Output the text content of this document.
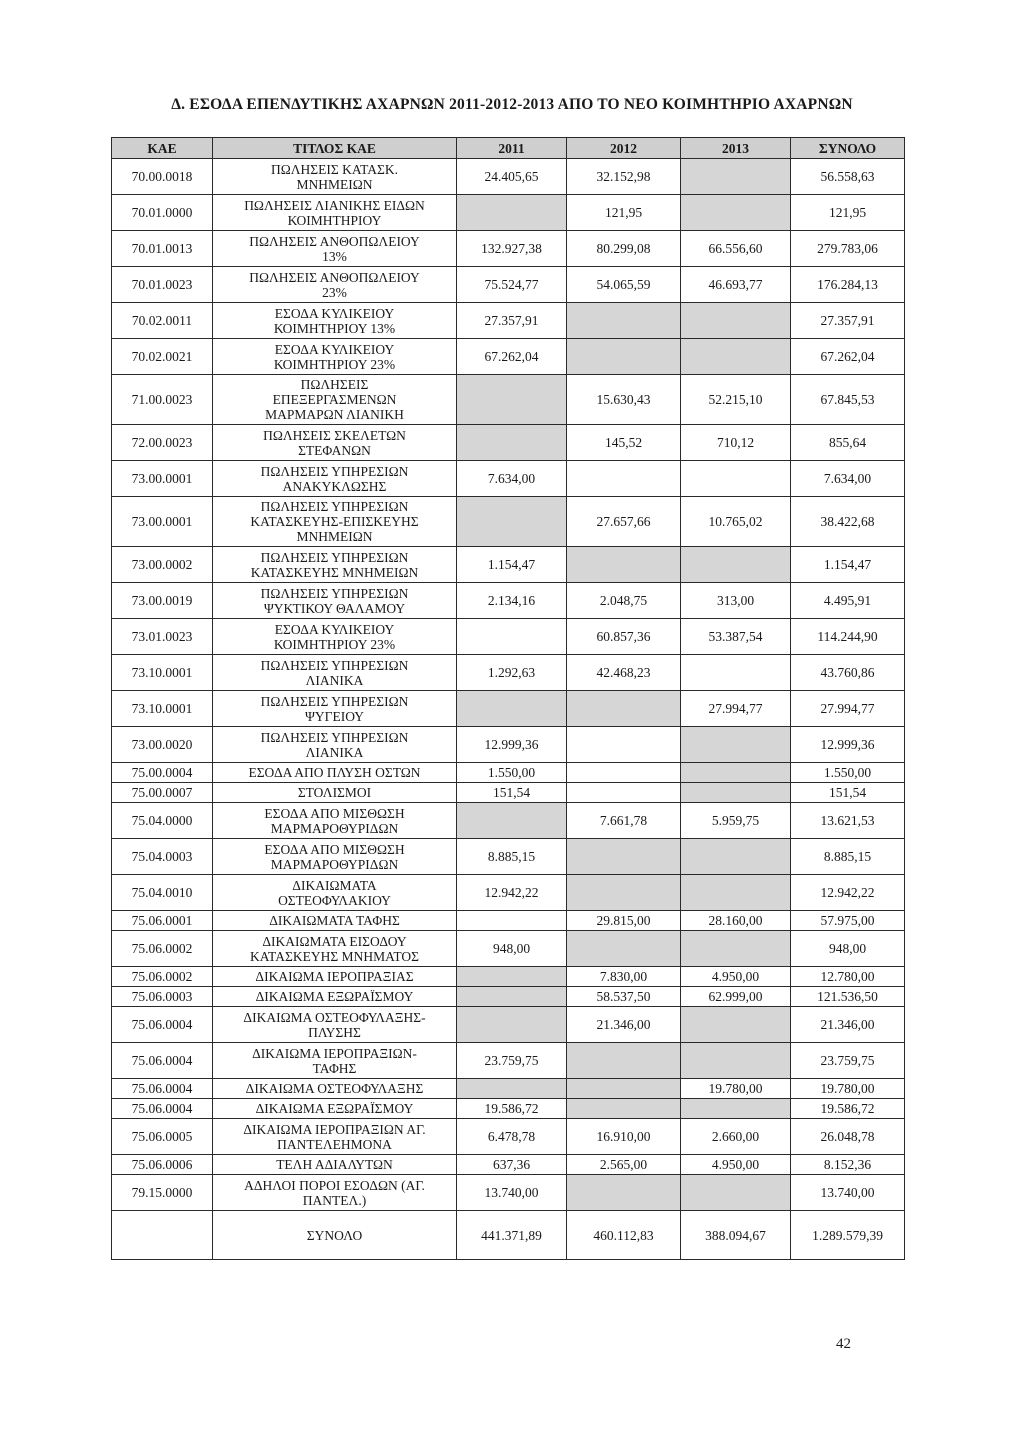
Δ. ΕΣΟΔΑ ΕΠΕΝΔΥΤΙΚΗΣ ΑΧΑΡΝΩΝ 2011-2012-2013 ΑΠΟ ΤΟ ΝΕΟ ΚΟΙΜΗΤΗΡΙΟ ΑΧΑΡΝΩΝ
ΚΑΕ	ΤΙΤΛΟΣ ΚΑΕ	2011	2012	2013	ΣΥΝΟΛΟ
70.00.0018	ΠΩΛΗΣΕΙΣ ΚΑΤΑΣΚ.
ΜΝΗΜΕΙΩΝ	24.405,65	32.152,98		56.558,63
70.01.0000	ΠΩΛΗΣΕΙΣ ΛΙΑΝΙΚΗΣ ΕΙΔΩΝ
ΚΟΙΜΗΤΗΡΙΟΥ		121,95		121,95
70.01.0013	ΠΩΛΗΣΕΙΣ ΑΝΘΟΠΩΛΕΙΟΥ
13%	132.927,38	80.299,08	66.556,60	279.783,06
70.01.0023	ΠΩΛΗΣΕΙΣ ΑΝΘΟΠΩΛΕΙΟΥ
23%	75.524,77	54.065,59	46.693,77	176.284,13
70.02.0011	ΕΣΟΔΑ ΚΥΛΙΚΕΙΟΥ
ΚΟΙΜΗΤΗΡΙΟΥ 13%	27.357,91			27.357,91
70.02.0021	ΕΣΟΔΑ ΚΥΛΙΚΕΙΟΥ
ΚΟΙΜΗΤΗΡΙΟΥ 23%	67.262,04			67.262,04
71.00.0023	ΠΩΛΗΣΕΙΣ
ΕΠΕΞΕΡΓΑΣΜΕΝΩΝ
ΜΑΡΜΑΡΩΝ ΛΙΑΝΙΚΗ		15.630,43	52.215,10	67.845,53
72.00.0023	ΠΩΛΗΣΕΙΣ ΣΚΕΛΕΤΩΝ
ΣΤΕΦΑΝΩΝ		145,52	710,12	855,64
73.00.0001	ΠΩΛΗΣΕΙΣ ΥΠΗΡΕΣΙΩΝ
ΑΝΑΚΥΚΛΩΣΗΣ	7.634,00			7.634,00
73.00.0001	ΠΩΛΗΣΕΙΣ ΥΠΗΡΕΣΙΩΝ
ΚΑΤΑΣΚΕΥΗΣ-ΕΠΙΣΚΕΥΗΣ
ΜΝΗΜΕΙΩΝ		27.657,66	10.765,02	38.422,68
73.00.0002	ΠΩΛΗΣΕΙΣ ΥΠΗΡΕΣΙΩΝ
ΚΑΤΑΣΚΕΥΗΣ ΜΝΗΜΕΙΩΝ	1.154,47			1.154,47
73.00.0019	ΠΩΛΗΣΕΙΣ ΥΠΗΡΕΣΙΩΝ
ΨΥΚΤΙΚΟΥ ΘΑΛΑΜΟΥ	2.134,16	2.048,75	313,00	4.495,91
73.01.0023	ΕΣΟΔΑ ΚΥΛΙΚΕΙΟΥ
ΚΟΙΜΗΤΗΡΙΟΥ 23%		60.857,36	53.387,54	114.244,90
73.10.0001	ΠΩΛΗΣΕΙΣ ΥΠΗΡΕΣΙΩΝ
ΛΙΑΝΙΚΑ	1.292,63	42.468,23		43.760,86
73.10.0001	ΠΩΛΗΣΕΙΣ ΥΠΗΡΕΣΙΩΝ
ΨΥΓΕΙΟΥ			27.994,77	27.994,77
73.00.0020	ΠΩΛΗΣΕΙΣ ΥΠΗΡΕΣΙΩΝ
ΛΙΑΝΙΚΑ	12.999,36			12.999,36
75.00.0004	ΕΣΟΔΑ ΑΠΟ ΠΛΥΣΗ ΟΣΤΩΝ	1.550,00			1.550,00
75.00.0007	ΣΤΟΛΙΣΜΟΙ	151,54			151,54
75.04.0000	ΕΣΟΔΑ ΑΠΟ ΜΙΣΘΩΣΗ
ΜΑΡΜΑΡΟΘΥΡΙΔΩΝ		7.661,78	5.959,75	13.621,53
75.04.0003	ΕΣΟΔΑ ΑΠΟ ΜΙΣΘΩΣΗ
ΜΑΡΜΑΡΟΘΥΡΙΔΩΝ	8.885,15			8.885,15
75.04.0010	ΔΙΚΑΙΩΜΑΤΑ
ΟΣΤΕΟΦΥΛΑΚΙΟΥ	12.942,22			12.942,22
75.06.0001	ΔΙΚΑΙΩΜΑΤΑ ΤΑΦΗΣ		29.815,00	28.160,00	57.975,00
75.06.0002	ΔΙΚΑΙΩΜΑΤΑ ΕΙΣΟΔΟΥ
ΚΑΤΑΣΚΕΥΗΣ ΜΝΗΜΑΤΟΣ	948,00			948,00
75.06.0002	ΔΙΚΑΙΩΜΑ ΙΕΡΟΠΡΑΞΙΑΣ		7.830,00	4.950,00	12.780,00
75.06.0003	ΔΙΚΑΙΩΜΑ ΕΞΩΡΑΪΣΜΟΥ		58.537,50	62.999,00	121.536,50
75.06.0004	ΔΙΚΑΙΩΜΑ ΟΣΤΕΟΦΥΛΑΞΗΣ-
ΠΛΥΣΗΣ		21.346,00		21.346,00
75.06.0004	ΔΙΚΑΙΩΜΑ ΙΕΡΟΠΡΑΞΙΩΝ-
ΤΑΦΗΣ	23.759,75			23.759,75
75.06.0004	ΔΙΚΑΙΩΜΑ ΟΣΤΕΟΦΥΛΑΞΗΣ			19.780,00	19.780,00
75.06.0004	ΔΙΚΑΙΩΜΑ ΕΞΩΡΑΪΣΜΟΥ	19.586,72			19.586,72
75.06.0005	ΔΙΚΑΙΩΜΑ ΙΕΡΟΠΡΑΞΙΩΝ ΑΓ.
ΠΑΝΤΕΛΕΗΜΟΝΑ	6.478,78	16.910,00	2.660,00	26.048,78
75.06.0006	ΤΕΛΗ ΑΔΙΑΛΥΤΩΝ	637,36	2.565,00	4.950,00	8.152,36
79.15.0000	ΑΔΗΛΟΙ ΠΟΡΟΙ ΕΣΟΔΩΝ (ΑΓ.
ΠΑΝΤΕΛ.)	13.740,00			13.740,00
	ΣΥΝΟΛΟ	441.371,89	460.112,83	388.094,67	1.289.579,39
42
